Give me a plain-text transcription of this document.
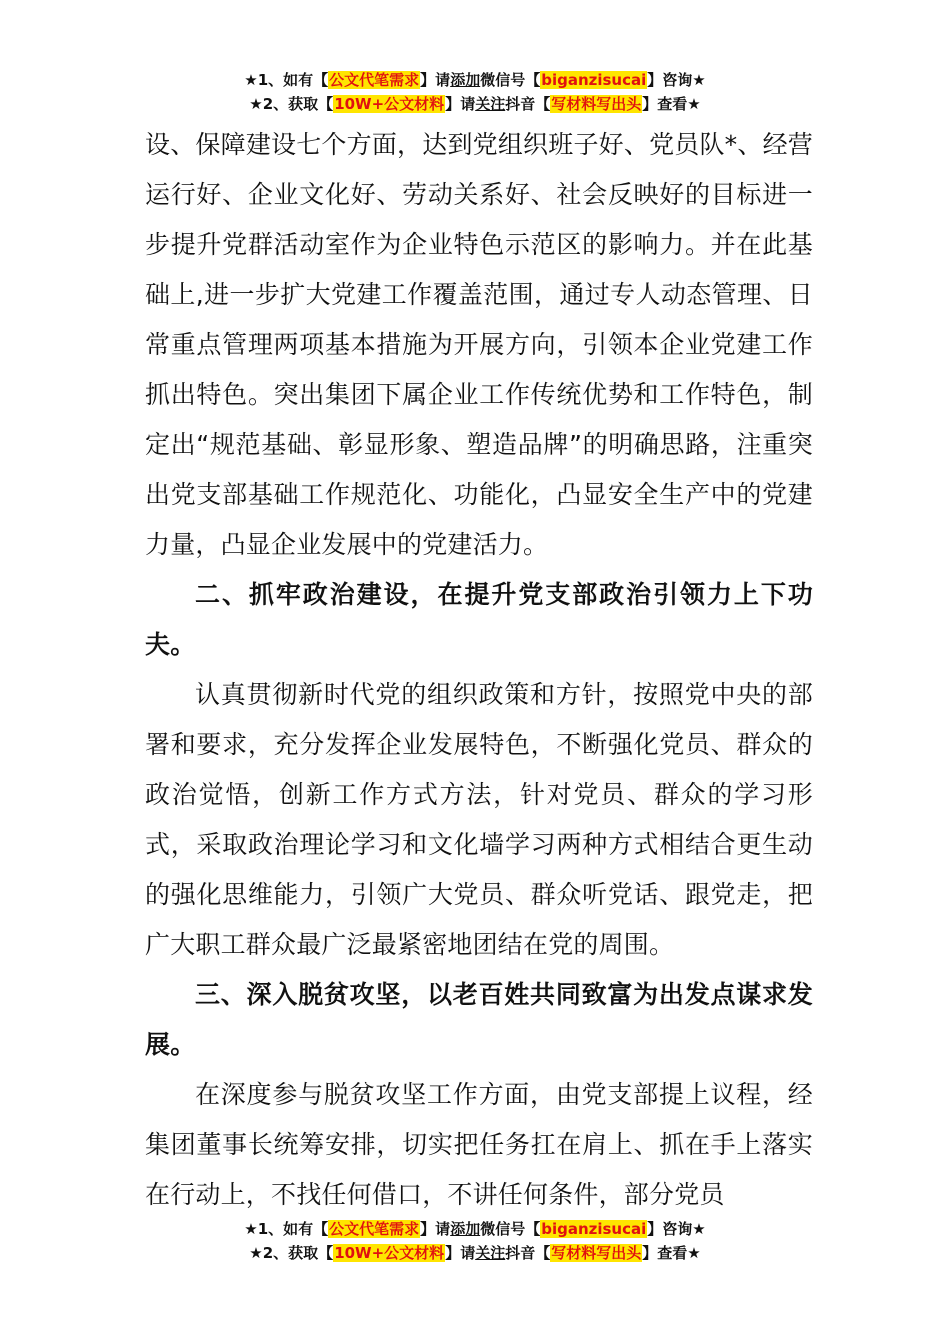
★1、如有【公文代笔需求】请添加微信号【biganzisucai】咨询★
★2、获取【10W+公文材料】请关注抖音【写材料写出头】查看★

设、保障建设七个方面，达到党组织班子好、党员队*、经营运行好、企业文化好、劳动关系好、社会反映好的目标进一步提升党群活动室作为企业特色示范区的影响力。并在此基础上,进一步扩大党建工作覆盖范围，通过专人动态管理、日常重点管理两项基本措施为开展方向，引领本企业党建工作抓出特色。突出集团下属企业工作传统优势和工作特色，制定出“规范基础、彰显形象、塑造品牌”的明确思路，注重突出党支部基础工作规范化、功能化，凸显安全生产中的党建力量，凸显企业发展中的党建活力。

二、抓牢政治建设，在提升党支部政治引领力上下功夫。

认真贯彻新时代党的组织政策和方针，按照党中央的部署和要求，充分发挥企业发展特色，不断强化党员、群众的政治觉悟，创新工作方式方法，针对党员、群众的学习形式，采取政治理论学习和文化墙学习两种方式相结合更生动的强化思维能力，引领广大党员、群众听党话、跟党走，把广大职工群众最广泛最紧密地团结在党的周围。

三、深入脱贫攻坚，以老百姓共同致富为出发点谋求发展。

在深度参与脱贫攻坚工作方面，由党支部提上议程，经集团董事长统筹安排，切实把任务扛在肩上、抓在手上落实在行动上，不找任何借口，不讲任何条件，部分党员

★1、如有【公文代笔需求】请添加微信号【biganzisucai】咨询★
★2、获取【10W+公文材料】请关注抖音【写材料写出头】查看★
